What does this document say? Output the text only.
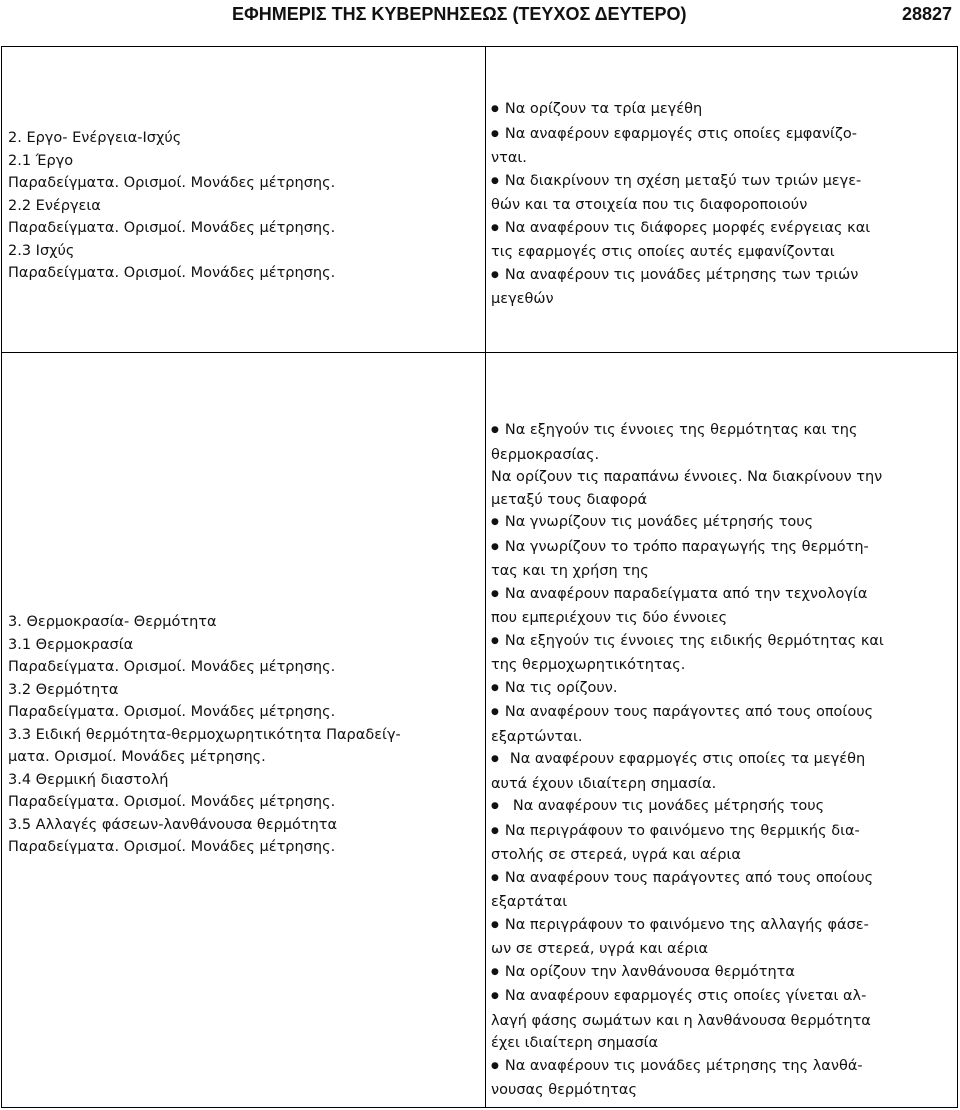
ΕΦΗΜΕΡΙΣ ΤΗΣ ΚΥΒΕΡΝΗΣΕΩΣ (ΤΕΥΧΟΣ ΔΕΥΤΕΡΟ)	28827
2. Εργο- Ενέργεια-Ισχύς
2.1 Έργο
Παραδείγματα. Ορισμοί. Μονάδες μέτρησης.
2.2 Ενέργεια
Παραδείγματα. Ορισμοί. Μονάδες μέτρησης.
2.3 Ισχύς
Παραδείγματα. Ορισμοί. Μονάδες μέτρησης.
● Να ορίζουν τα τρία μεγέθη
● Να αναφέρουν εφαρμογές στις οποίες εμφανίζο-
νται.
● Να διακρίνουν τη σχέση μεταξύ των τριών μεγε-
θών και τα στοιχεία που τις διαφοροποιούν
● Να αναφέρουν τις διάφορες μορφές ενέργειας και
τις εφαρμογές στις οποίες αυτές εμφανίζονται
● Να αναφέρουν τις μονάδες μέτρησης των τριών
μεγεθών
3. Θερμοκρασία- Θερμότητα
3.1 Θερμοκρασία
Παραδείγματα. Ορισμοί. Μονάδες μέτρησης.
3.2 Θερμότητα
Παραδείγματα. Ορισμοί. Μονάδες μέτρησης.
3.3 Ειδική θερμότητα-θερμοχωρητικότητα Παραδείγ-
ματα. Ορισμοί. Μονάδες μέτρησης.
3.4 Θερμική διαστολή
Παραδείγματα. Ορισμοί. Μονάδες μέτρησης.
3.5 Αλλαγές φάσεων-λανθάνουσα θερμότητα
Παραδείγματα. Ορισμοί. Μονάδες μέτρησης.
● Να εξηγούν τις έννοιες της θερμότητας και της
θερμοκρασίας.
Να ορίζουν τις παραπάνω έννοιες. Να διακρίνουν την
μεταξύ τους διαφορά
● Να γνωρίζουν τις μονάδες μέτρησής τους
● Να γνωρίζουν το τρόπο παραγωγής της θερμότη-
τας και τη χρήση της
● Να αναφέρουν παραδείγματα από την τεχνολογία
που εμπεριέχουν τις δύο έννοιες
● Να εξηγούν τις έννοιες της ειδικής θερμότητας και
της θερμοχωρητικότητας.
● Να τις ορίζουν.
● Να αναφέρουν τους παράγοντες από τους οποίους
εξαρτώνται.
● Να αναφέρουν εφαρμογές στις οποίες τα μεγέθη
αυτά έχουν ιδιαίτερη σημασία.
● Να αναφέρουν τις μονάδες μέτρησής τους
● Να περιγράφουν το φαινόμενο της θερμικής δια-
στολής σε στερεά, υγρά και αέρια
● Να αναφέρουν τους παράγοντες από τους οποίους
εξαρτάται
● Να περιγράφουν το φαινόμενο της αλλαγής φάσε-
ων σε στερεά, υγρά και αέρια
● Να ορίζουν την λανθάνουσα θερμότητα
● Να αναφέρουν εφαρμογές στις οποίες γίνεται αλ-
λαγή φάσης σωμάτων και η λανθάνουσα θερμότητα
έχει ιδιαίτερη σημασία
● Να αναφέρουν τις μονάδες μέτρησης της λανθά-
νουσας θερμότητας
